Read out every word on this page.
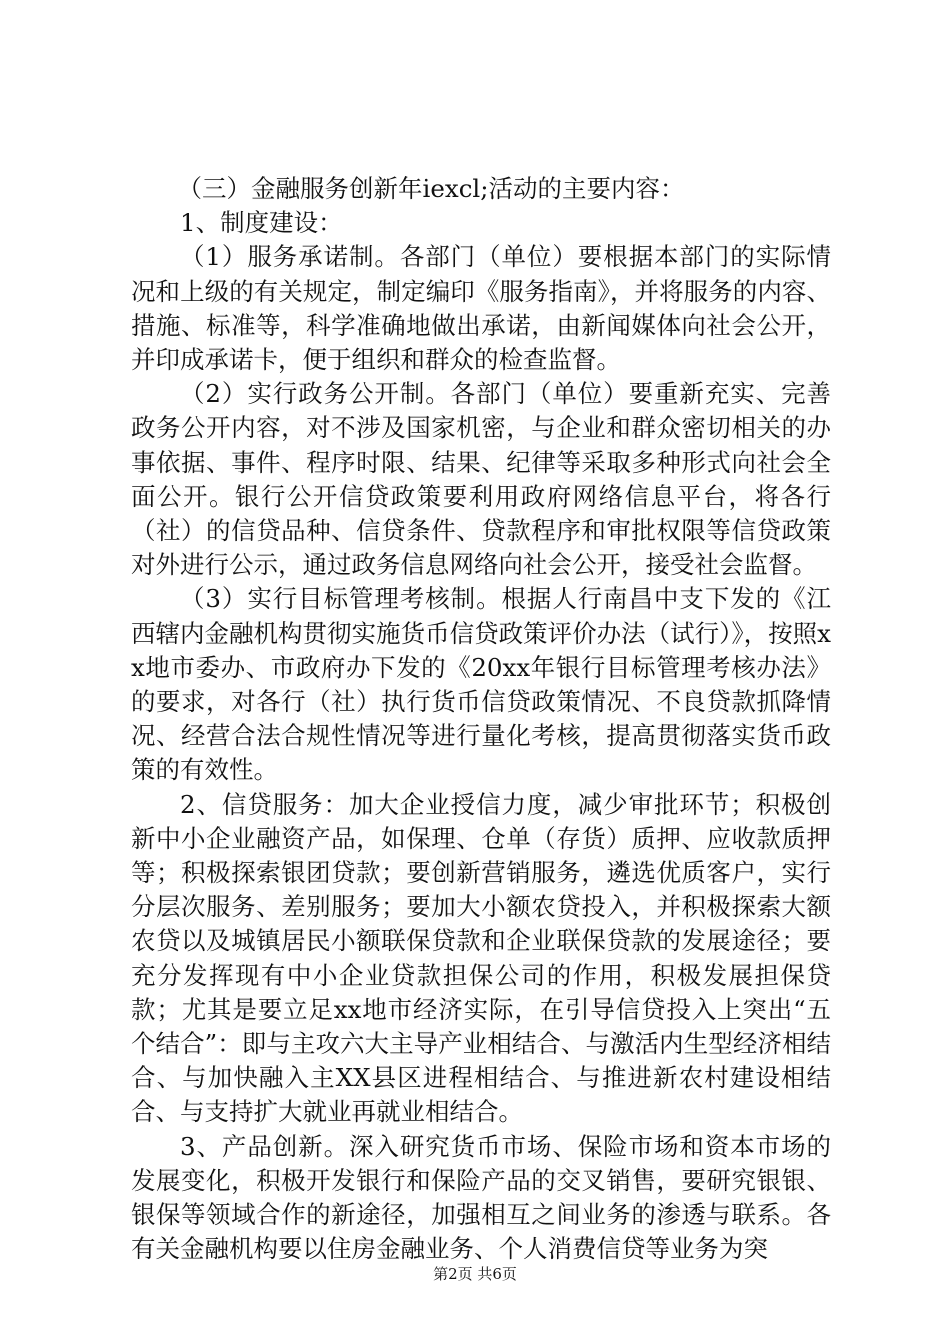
（三）金融服务创新年iexcl;活动的主要内容：

1、制度建设：

（1）服务承诺制。各部门（单位）要根据本部门的实际情况和上级的有关规定，制定编印《服务指南》，并将服务的内容、措施、标准等，科学准确地做出承诺，由新闻媒体向社会公开，并印成承诺卡，便于组织和群众的检查监督。

（2）实行政务公开制。各部门（单位）要重新充实、完善政务公开内容，对不涉及国家机密，与企业和群众密切相关的办事依据、事件、程序时限、结果、纪律等采取多种形式向社会全面公开。银行公开信贷政策要利用政府网络信息平台，将各行（社）的信贷品种、信贷条件、贷款程序和审批权限等信贷政策对外进行公示，通过政务信息网络向社会公开，接受社会监督。

（3）实行目标管理考核制。根据人行南昌中支下发的《江西辖内金融机构贯彻实施货币信贷政策评价办法（试行）》，按照xx地市委办、市政府办下发的《20xx年银行目标管理考核办法》的要求，对各行（社）执行货币信贷政策情况、不良贷款抓降情况、经营合法合规性情况等进行量化考核，提高贯彻落实货币政策的有效性。

2、信贷服务：加大企业授信力度，减少审批环节；积极创新中小企业融资产品，如保理、仓单（存货）质押、应收款质押等；积极探索银团贷款；要创新营销服务，遴选优质客户，实行分层次服务、差别服务；要加大小额农贷投入，并积极探索大额农贷以及城镇居民小额联保贷款和企业联保贷款的发展途径；要充分发挥现有中小企业贷款担保公司的作用，积极发展担保贷款；尤其是要立足xx地市经济实际，在引导信贷投入上突出“五个结合”：即与主攻六大主导产业相结合、与激活内生型经济相结合、与加快融入主XX县区进程相结合、与推进新农村建设相结合、与支持扩大就业再就业相结合。

3、产品创新。深入研究货币市场、保险市场和资本市场的发展变化，积极开发银行和保险产品的交叉销售，要研究银银、银保等领域合作的新途径，加强相互之间业务的渗透与联系。各有关金融机构要以住房金融业务、个人消费信贷等业务为突

第2页 共6页
